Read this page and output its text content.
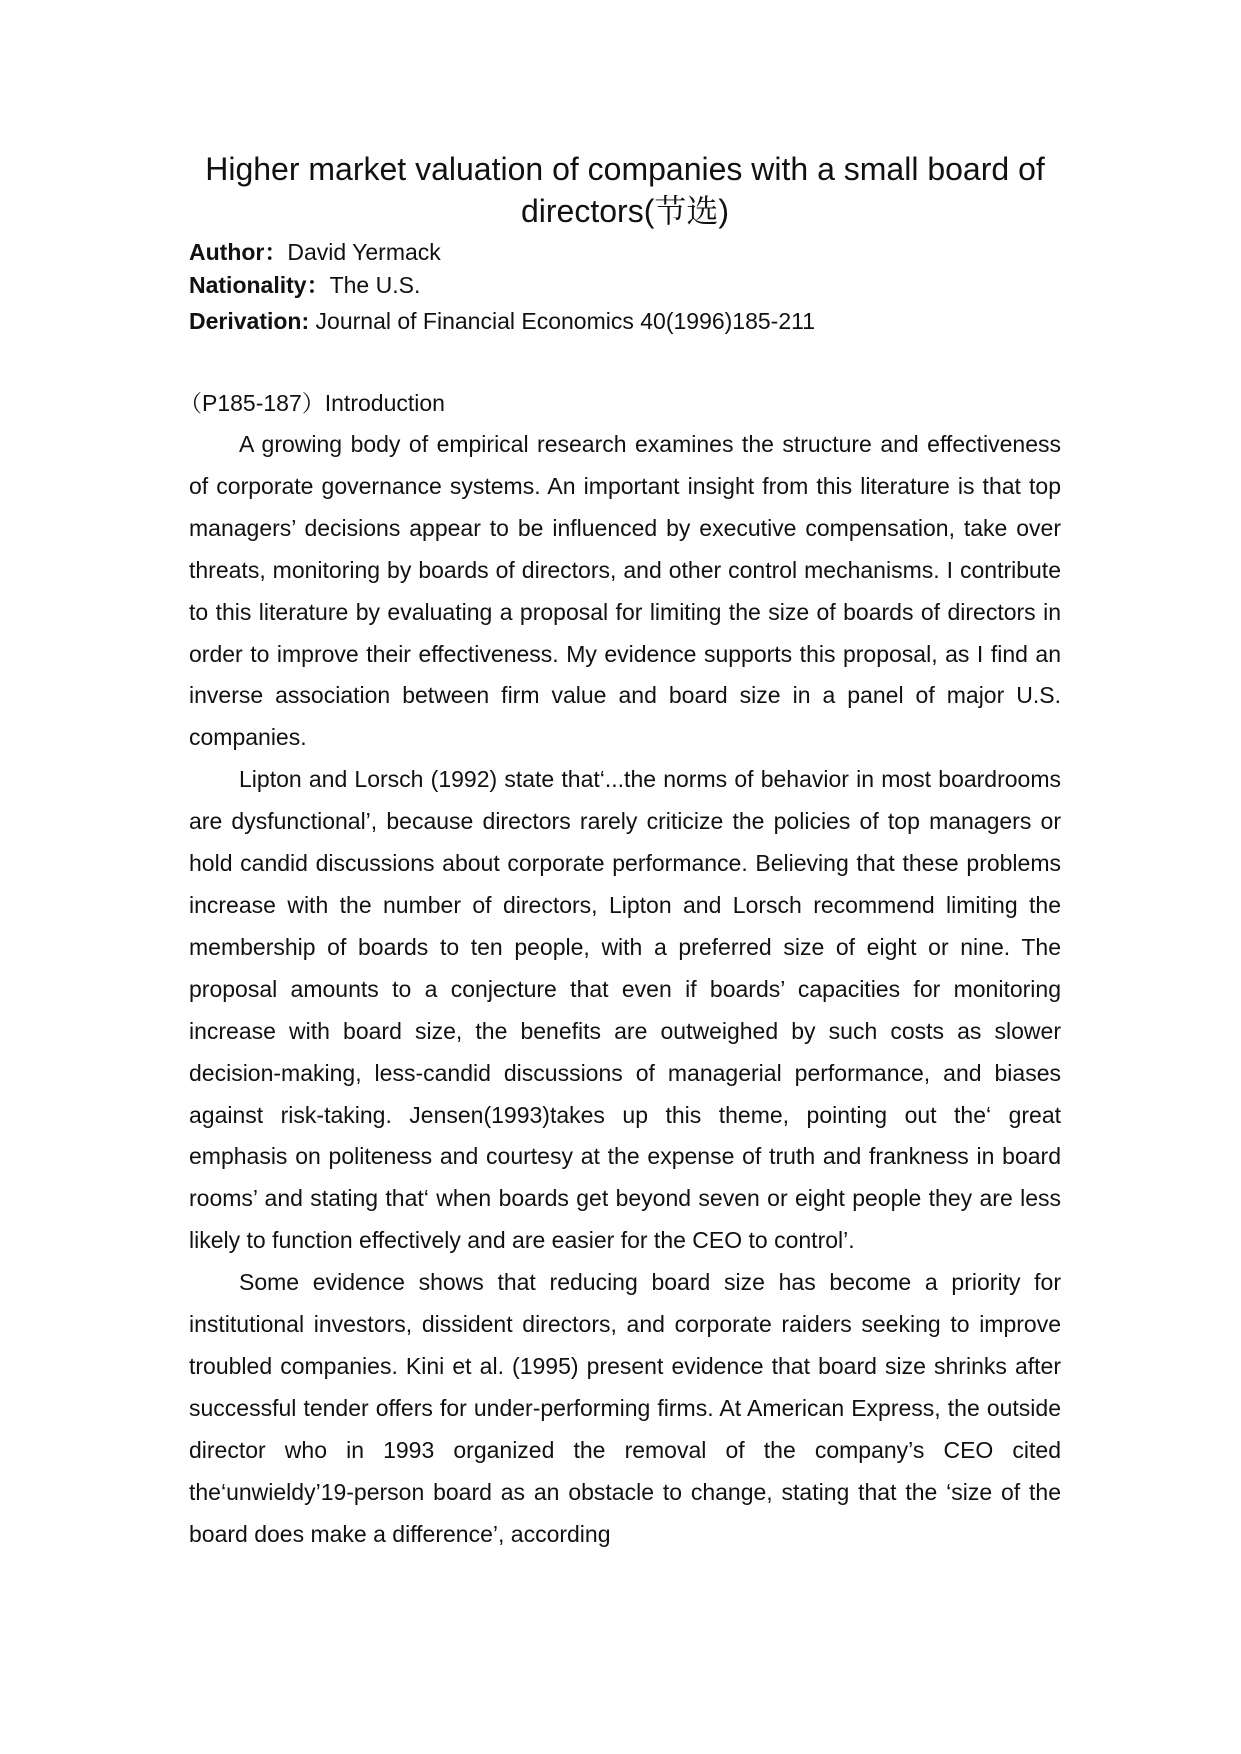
Higher market valuation of companies with a small board of directors(节选)

Author：David Yermack

Nationality：The U.S.

Derivation: Journal of Financial Economics 40(1996)185-211

（P185-187）Introduction

A growing body of empirical research examines the structure and effectiveness of corporate governance systems. An important insight from this literature is that top managers’ decisions appear to be influenced by executive compensation, take over threats, monitoring by boards of directors, and other control mechanisms. I contribute to this literature by evaluating a proposal for limiting the size of boards of directors in order to improve their effectiveness. My evidence supports this proposal, as I find an inverse association between firm value and board size in a panel of major U.S. companies.

Lipton and Lorsch (1992) state that‘...the norms of behavior in most boardrooms are dysfunctional’, because directors rarely criticize the policies of top managers or hold candid discussions about corporate performance. Believing that these problems increase with the number of directors, Lipton and Lorsch recommend limiting the membership of boards to ten people, with a preferred size of eight or nine. The proposal amounts to a conjecture that even if boards’ capacities for monitoring increase with board size, the benefits are outweighed by such costs as slower decision-making, less-candid discussions of managerial performance, and biases against risk-taking. Jensen(1993)takes up this theme, pointing out the‘ great emphasis on politeness and courtesy at the expense of truth and frankness in board rooms’ and stating that‘ when boards get beyond seven or eight people they are less likely to function effectively and are easier for the CEO to control’.

Some evidence shows that reducing board size has become a priority for institutional investors, dissident directors, and corporate raiders seeking to improve troubled companies. Kini et al. (1995) present evidence that board size shrinks after successful tender offers for under-performing firms. At American Express, the outside director who in 1993 organized the removal of the company’s CEO cited the‘unwieldy’19-person board as an obstacle to change, stating that the ‘size of the board does make a difference’, according
